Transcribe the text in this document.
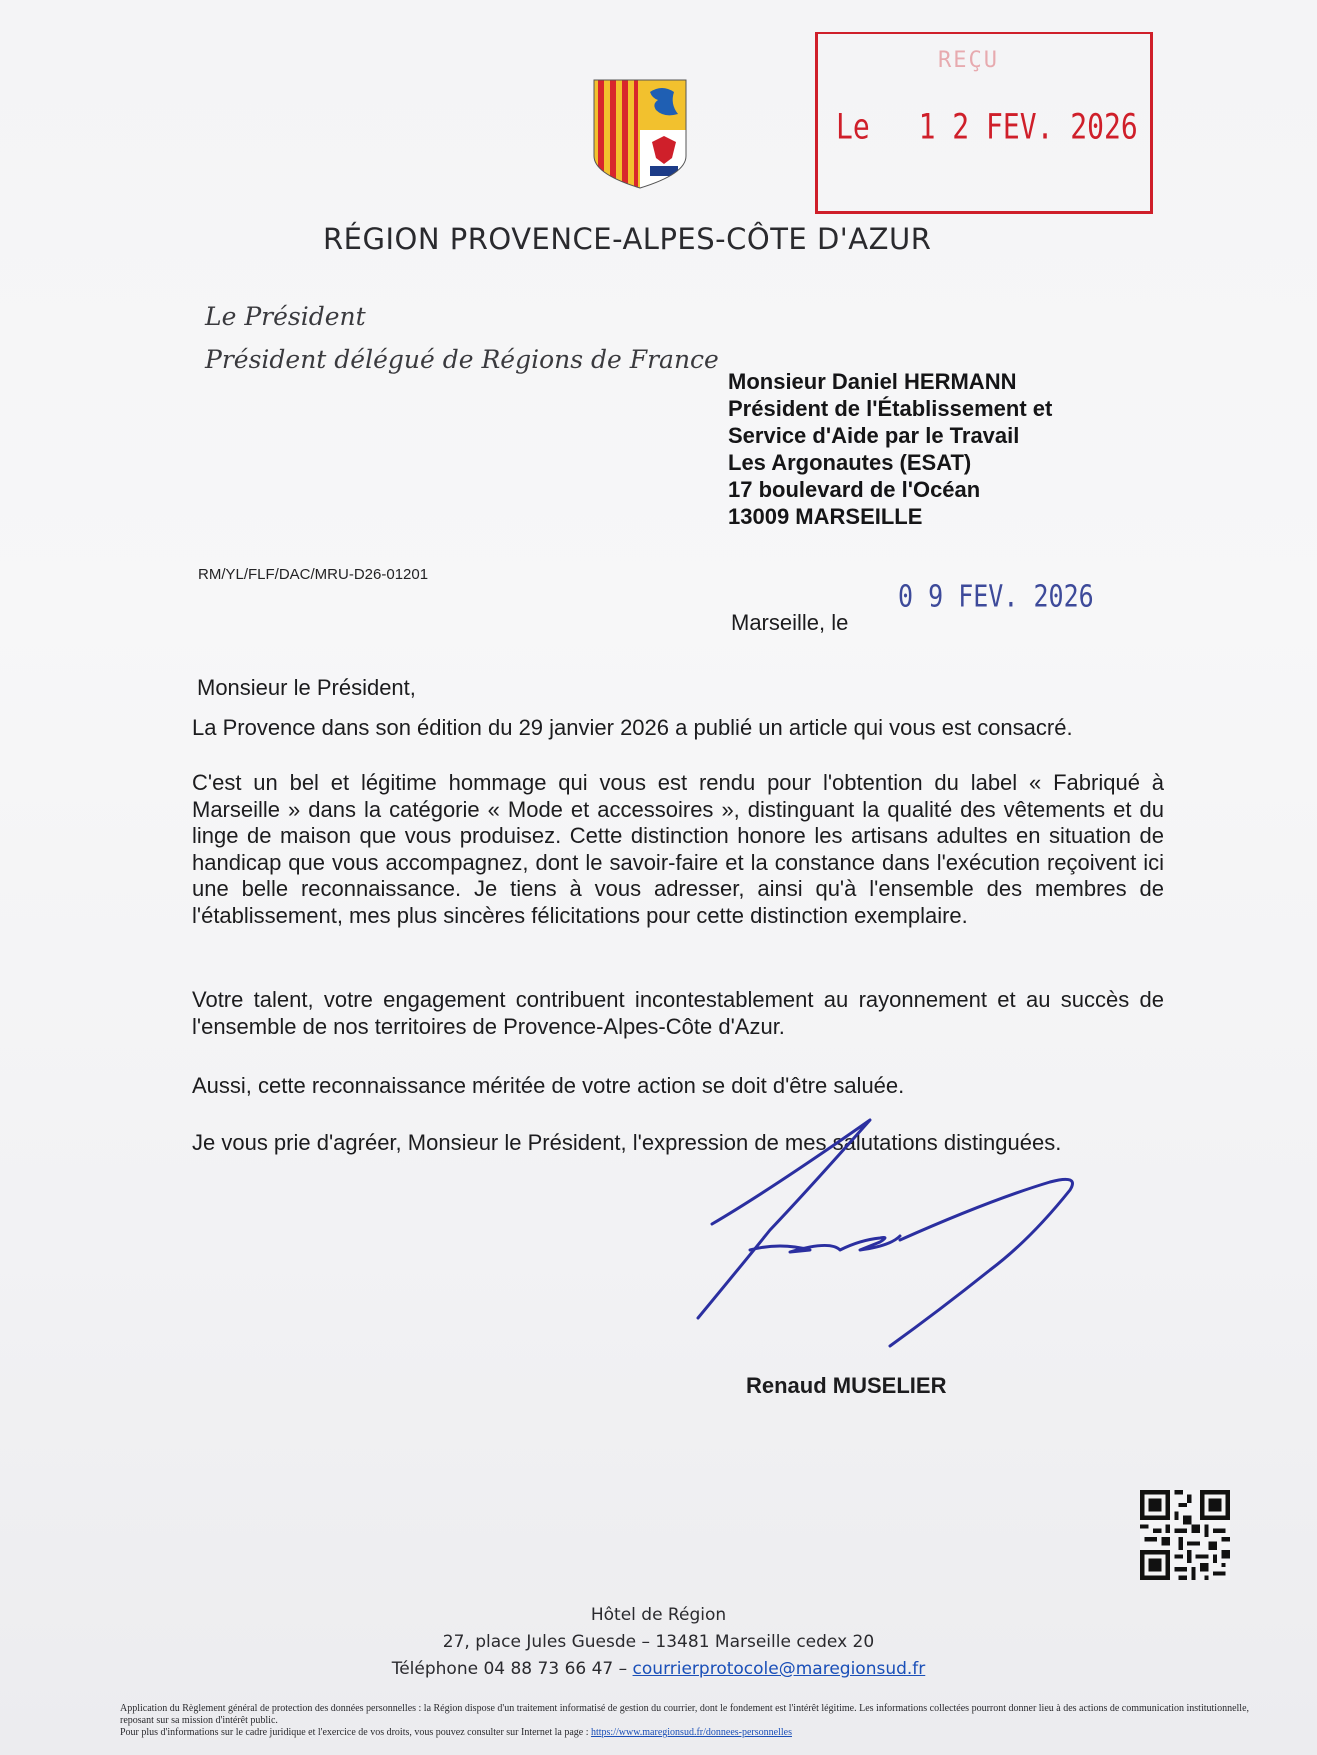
RÉGION PROVENCE-ALPES-CÔTE D'AZUR
REÇU
Le 1 2 FEV. 2026
Le Président
Président délégué de Régions de France
Monsieur Daniel HERMANN
Président de l'Établissement et
Service d'Aide par le Travail
Les Argonautes (ESAT)
17 boulevard de l'Océan
13009 MARSEILLE
RM/YL/FLF/DAC/MRU-D26-01201
Marseille, le
0 9 FEV. 2026
Monsieur le Président,
La Provence dans son édition du 29 janvier 2026 a publié un article qui vous est consacré.
C'est un bel et légitime hommage qui vous est rendu pour l'obtention du label « Fabriqué à Marseille » dans la catégorie « Mode et accessoires », distinguant la qualité des vêtements et du linge de maison que vous produisez. Cette distinction honore les artisans adultes en situation de handicap que vous accompagnez, dont le savoir-faire et la constance dans l'exécution reçoivent ici une belle reconnaissance. Je tiens à vous adresser, ainsi qu'à l'ensemble des membres de l'établissement, mes plus sincères félicitations pour cette distinction exemplaire.
Votre talent, votre engagement contribuent incontestablement au rayonnement et au succès de l'ensemble de nos territoires de Provence-Alpes-Côte d'Azur.
Aussi, cette reconnaissance méritée de votre action se doit d'être saluée.
Je vous prie d'agréer, Monsieur le Président, l'expression de mes salutations distinguées.
Renaud MUSELIER
Hôtel de Région
27, place Jules Guesde – 13481 Marseille cedex 20
Téléphone 04 88 73 66 47 – courrierprotocole@maregionsud.fr
Application du Règlement général de protection des données personnelles : la Région dispose d'un traitement informatisé de gestion du courrier, dont le fondement est l'intérêt légitime. Les informations collectées pourront donner lieu à des actions de communication institutionnelle, reposant sur sa mission d'intérêt public.
Pour plus d'informations sur le cadre juridique et l'exercice de vos droits, vous pouvez consulter sur Internet la page : https://www.maregionsud.fr/donnees-personnelles
